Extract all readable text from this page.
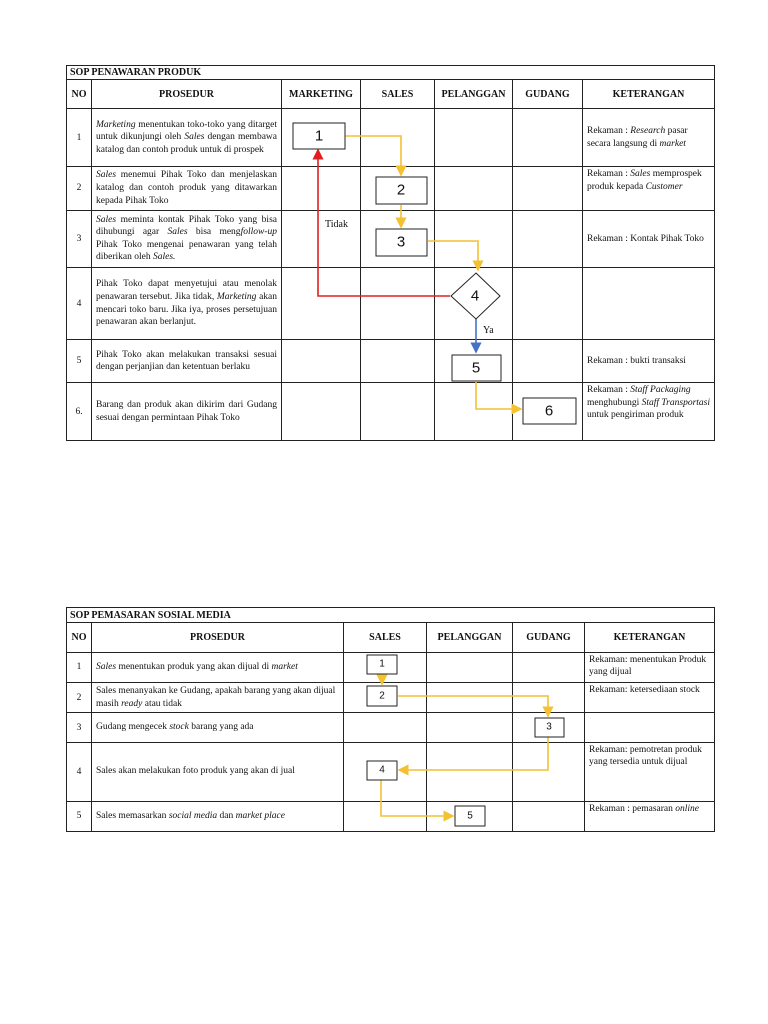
SOP PENAWARAN PRODUK						
NO	PROSEDUR	MARKETING	SALES	PELANGGAN	GUDANG	KETERANGAN
1	Marketing menentukan toko-toko yang ditarget untuk dikunjungi oleh Sales dengan membawa katalog dan contoh produk untuk di prospek					Rekaman : Research pasar secara langsung di market
2	Sales menemui Pihak Toko dan menjelaskan katalog dan contoh produk yang ditawarkan kepada Pihak Toko					Rekaman : Sales memprospek produk kepada Customer
3	Sales meminta kontak Pihak Toko yang bisa dihubungi agar Sales bisa mengfollow-up Pihak Toko mengenai penawaran yang telah diberikan oleh Sales.					Rekaman : Kontak Pihak Toko
4	Pihak Toko dapat menyetujui atau menolak penawaran tersebut. Jika tidak, Marketing akan mencari toko baru. Jika iya, proses persetujuan penawaran akan berlanjut.					
5	Pihak Toko akan melakukan transaksi sesuai dengan perjanjian dan ketentuan berlaku					Rekaman : bukti transaksi
6.	Barang dan produk akan dikirim dari Gudang sesuai dengan permintaan Pihak Toko					Rekaman : Staff Packaging menghubungi Staff Transportasi untuk pengiriman produk
1
2
3
4
5
6
Tidak
Ya
SOP PEMASARAN SOSIAL MEDIA					
NO	PROSEDUR	SALES	PELANGGAN	GUDANG	KETERANGAN
1	Sales menentukan produk yang akan dijual di market				Rekaman: menentukan Produk yang dijual
2	Sales menanyakan ke Gudang, apakah barang yang akan dijual masih ready atau tidak				Rekaman: ketersediaan stock
3	Gudang mengecek stock barang yang ada				
4	Sales akan melakukan foto produk yang akan di jual				Rekaman: pemotretan produk yang tersedia untuk dijual
5	Sales memasarkan social media dan market place				Rekaman : pemasaran online
1
2
3
4
5
